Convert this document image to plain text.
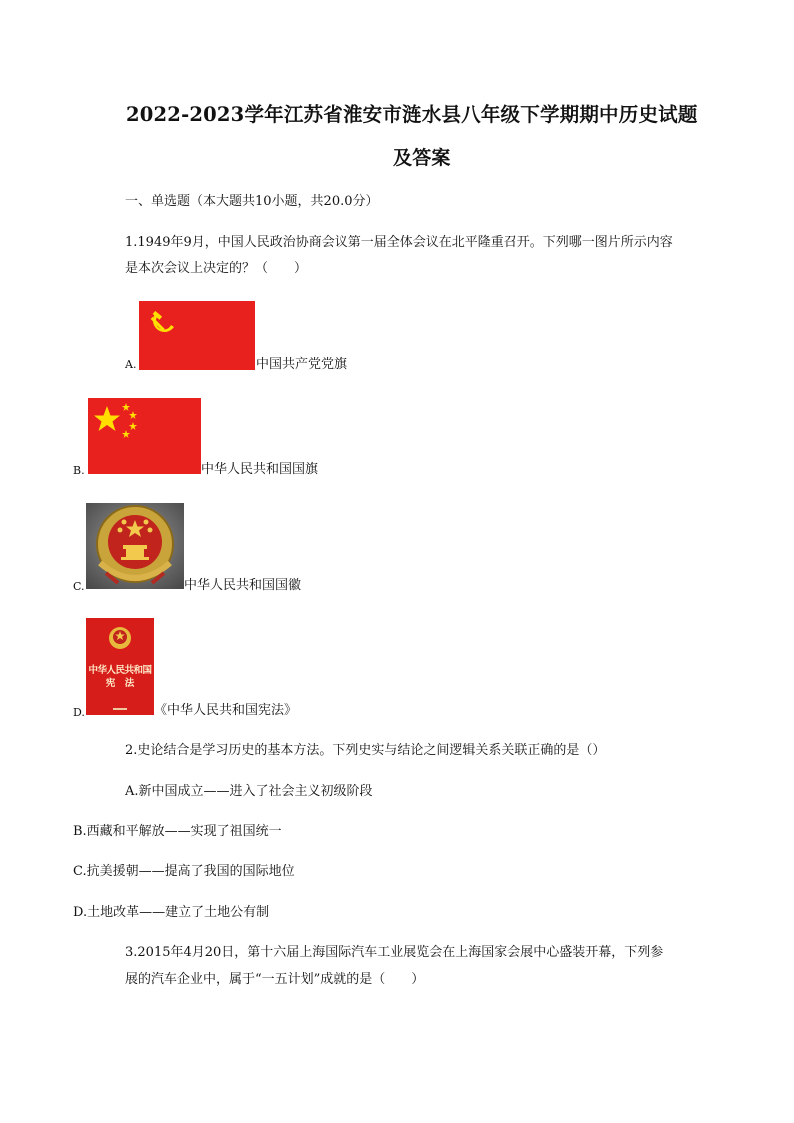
2022-2023学年江苏省淮安市涟水县八年级下学期期中历史试题
及答案
一、单选题（本大题共10小题，共20.0分）
1.1949年9月，中国人民政治协商会议第一届全体会议在北平隆重召开。下列哪一图片所示内容
是本次会议上决定的？（　　）
A.	中国共产党党旗
B.	中华人民共和国国旗
C.	中华人民共和国国徽
中华人民共和国
宪　法
D.	《中华人民共和国宪法》
2.史论结合是学习历史的基本方法。下列史实与结论之间逻辑关系关联正确的是（）
A.新中国成立——进入了社会主义初级阶段
B.西藏和平解放——实现了祖国统一
C.抗美援朝——提高了我国的国际地位
D.土地改革——建立了土地公有制
3.2015年4月20日，第十六届上海国际汽车工业展览会在上海国家会展中心盛装开幕，下列参
展的汽车企业中，属于“一五计划”成就的是（　　）
